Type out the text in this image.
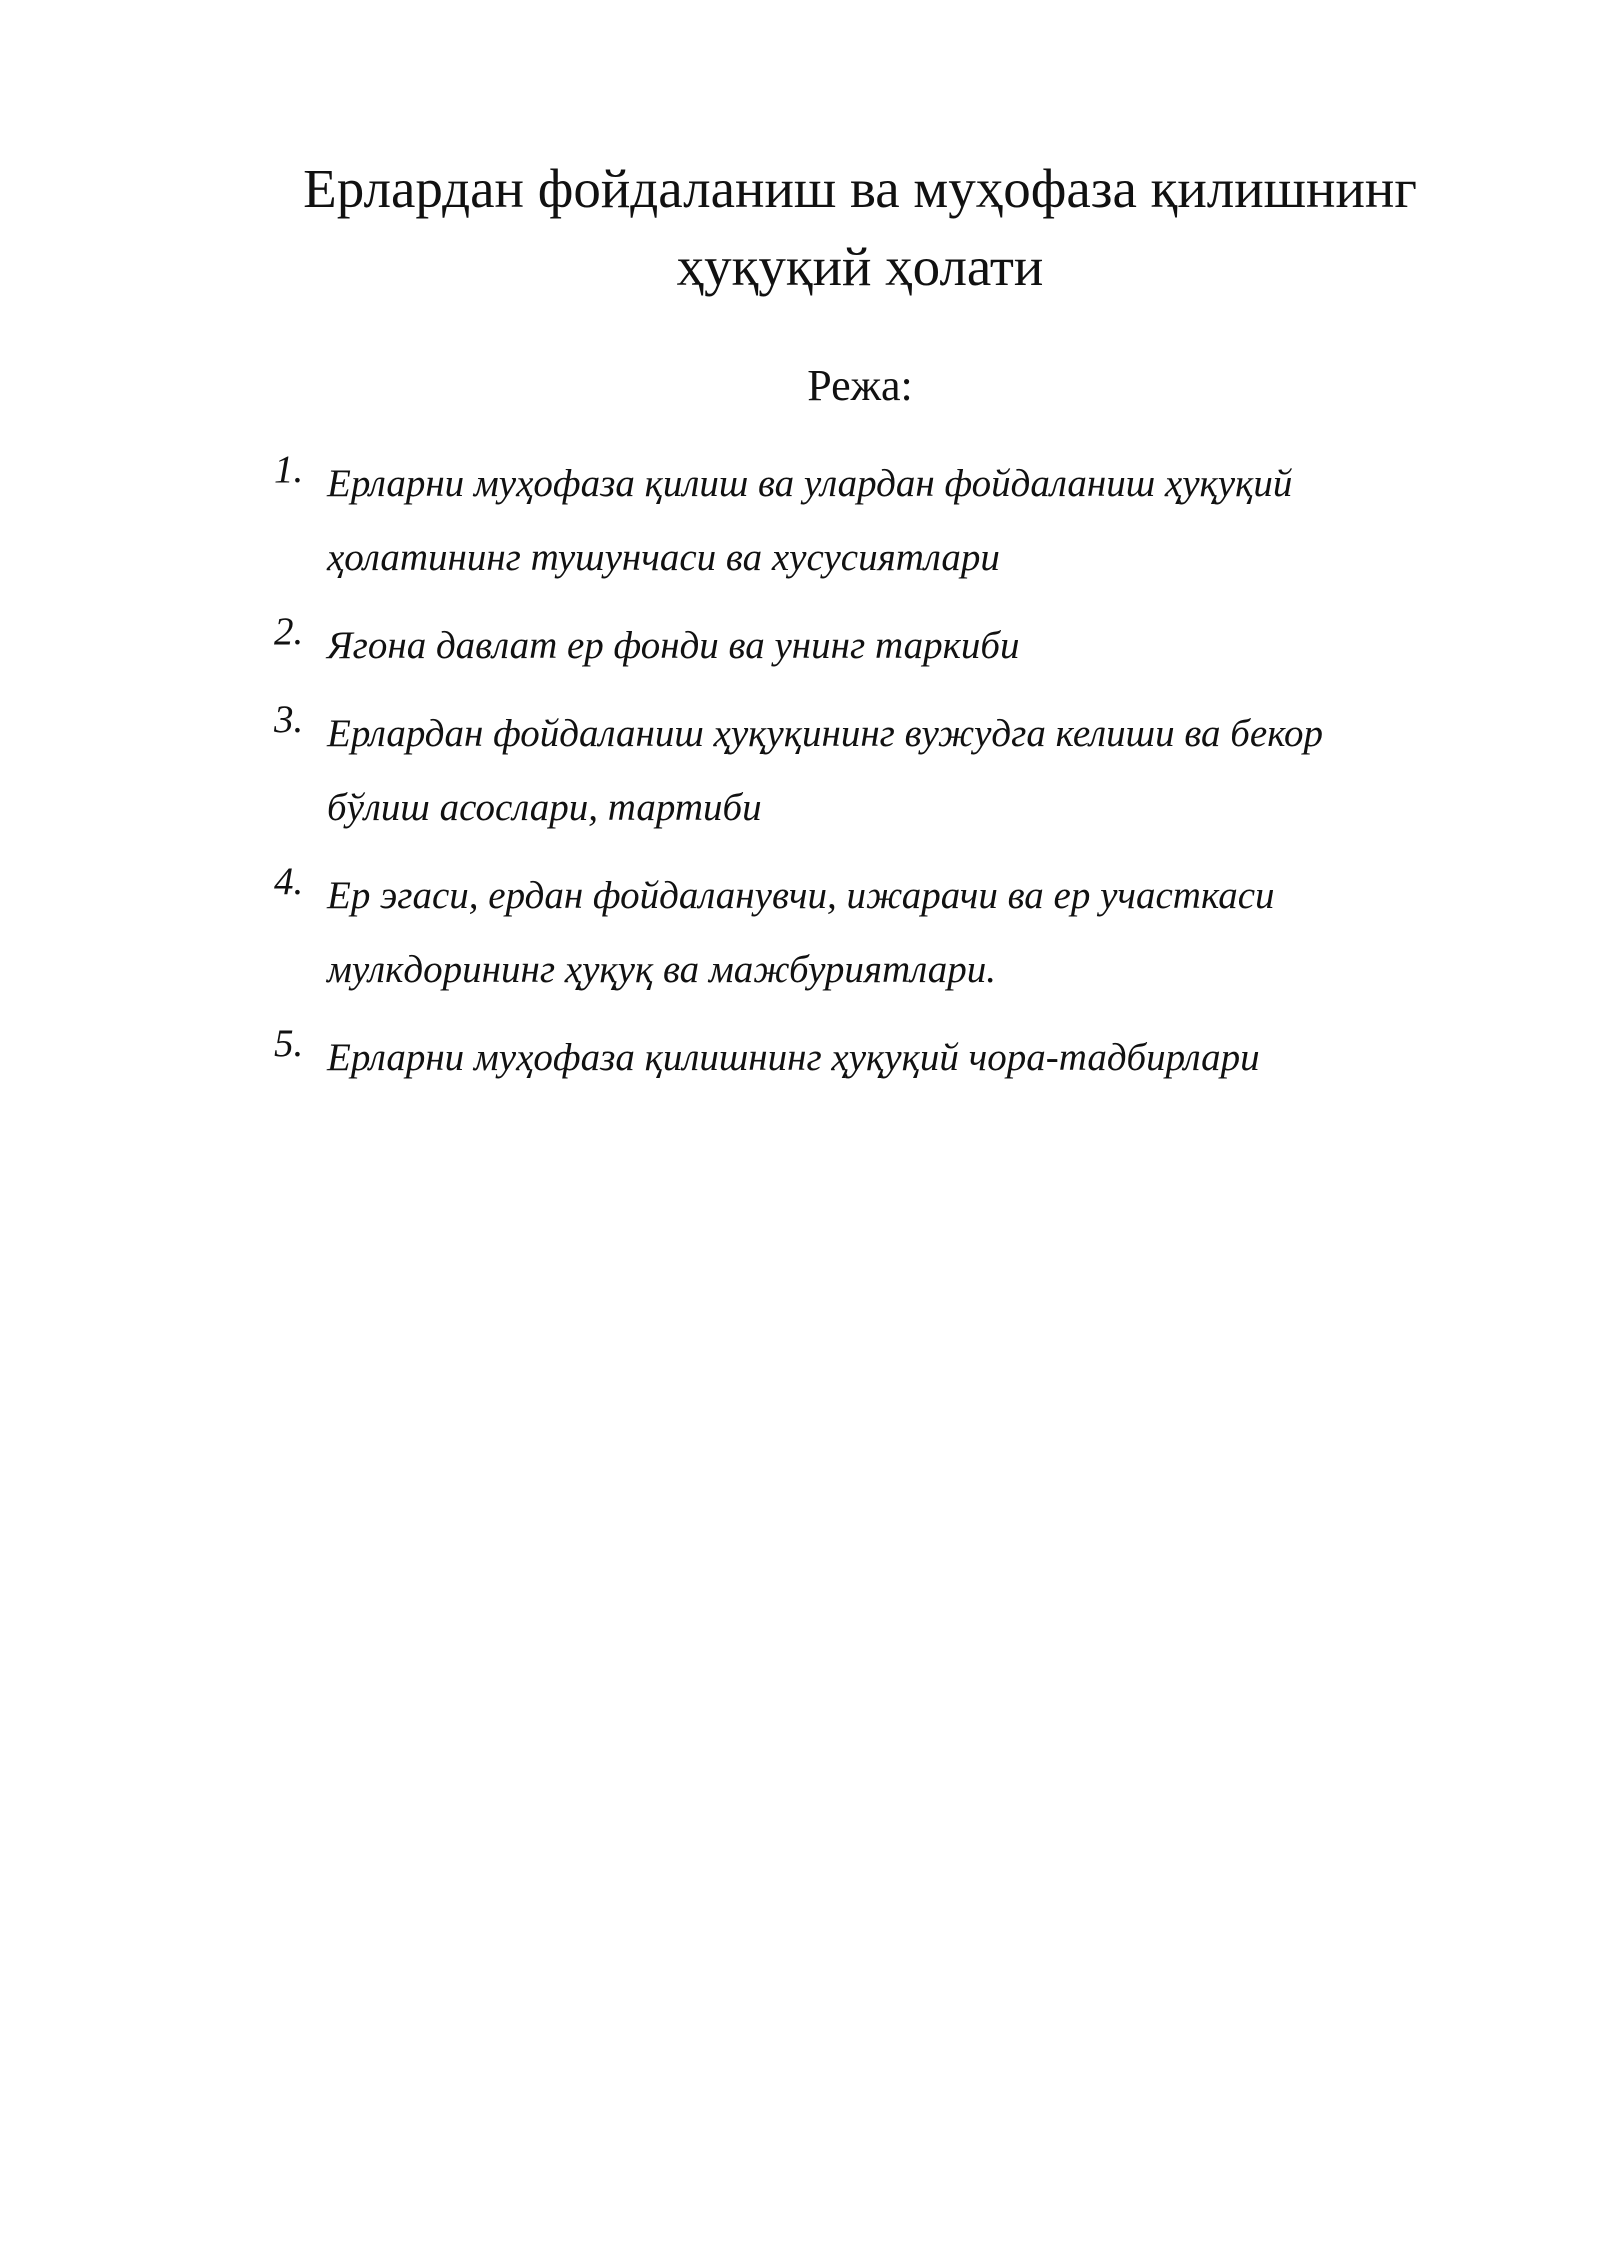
Ерлардан фойдаланиш ва муҳофаза қилишнинг
ҳуқуқий ҳолати
Режа:
1. Ерларни муҳофаза қилиш ва улардан фойдаланиш ҳуқуқий
ҳолатининг тушунчаси ва хусусиятлари
2. Ягона давлат ер фонди ва унинг таркиби
3. Ерлардан фойдаланиш ҳуқуқининг вужудга келиши ва бекор
бўлиш асослари, тартиби
4. Ер эгаси, ердан фойдаланувчи, ижарачи ва ер участкаси
мулкдорининг ҳуқуқ ва мажбуриятлари.
5. Ерларни муҳофаза қилишнинг ҳуқуқий чора-тадбирлари
